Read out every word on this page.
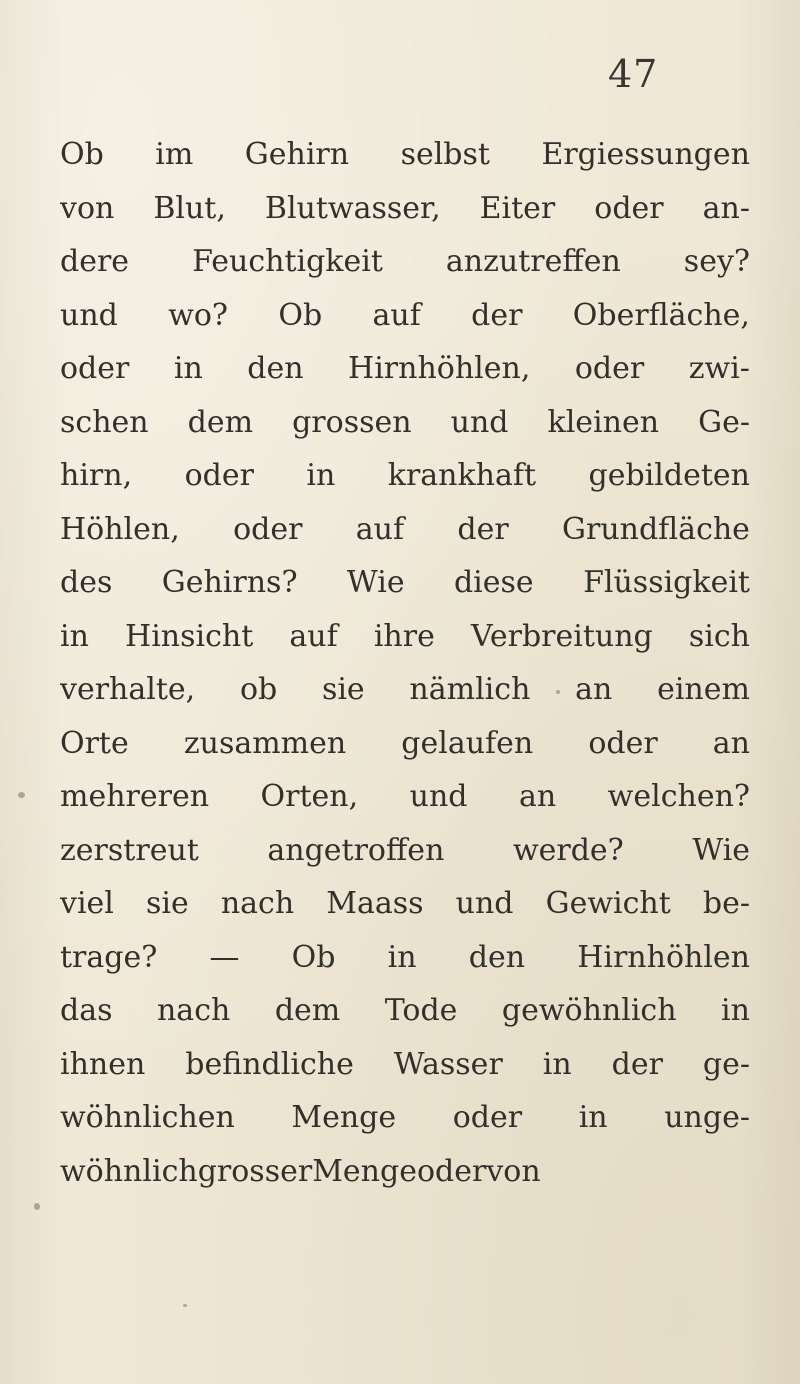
47
Ob im Gehirn selbst Ergiessungen
von Blut, Blutwasser, Eiter oder an-
dere Feuchtigkeit anzutreffen sey?
und wo? Ob auf der Oberfläche,
oder in den Hirnhöhlen, oder zwi-
schen dem grossen und kleinen Ge-
hirn, oder in krankhaft gebildeten
Höhlen, oder auf der Grundfläche
des Gehirns? Wie diese Flüssigkeit
in Hinsicht auf ihre Verbreitung sich
verhalte, ob sie nämlich an einem
Orte zusammen gelaufen oder an
mehreren Orten, und an welchen?
zerstreut angetroffen werde? Wie
viel sie nach Maass und Gewicht be-
trage? — Ob in den Hirnhöhlen
das nach dem Tode gewöhnlich in
ihnen befindliche Wasser in der ge-
wöhnlichen Menge oder in unge-
wöhnlich grosser Menge oder von
